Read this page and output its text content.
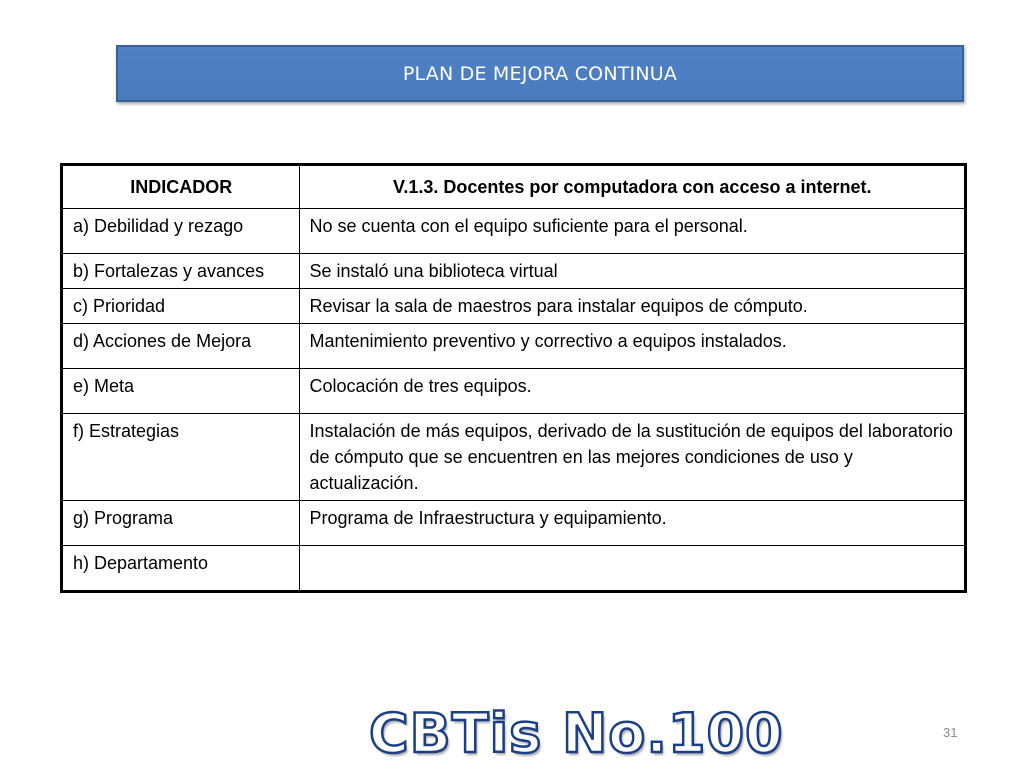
PLAN DE MEJORA CONTINUA
INDICADOR	V.1.3. Docentes por computadora con acceso a internet.
a) Debilidad y rezago	No se cuenta con el equipo suficiente para el personal.
b) Fortalezas y avances	Se instaló una biblioteca virtual
c) Prioridad	Revisar la sala de maestros para instalar equipos de cómputo.
d) Acciones de Mejora	Mantenimiento preventivo y correctivo a equipos instalados.
e) Meta	Colocación de tres equipos.
f) Estrategias	Instalación de más equipos, derivado de la sustitución de equipos del laboratorio de cómputo que se encuentren en las mejores condiciones de uso y actualización.
g) Programa	Programa de Infraestructura y equipamiento.
h) Departamento	
CBTis No.100	31
